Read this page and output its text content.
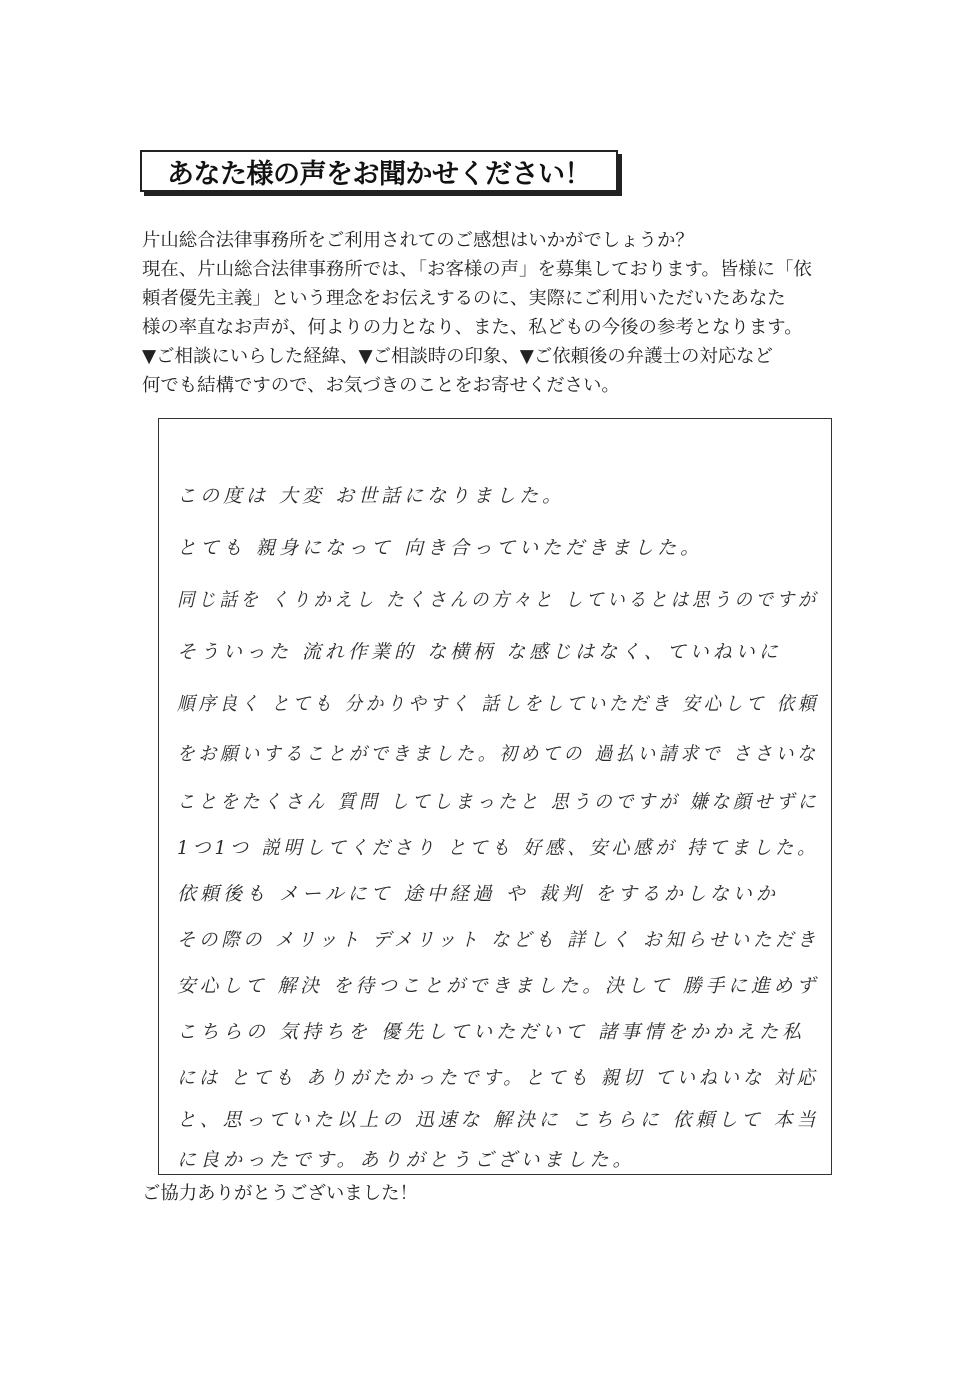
あなた様の声をお聞かせください！
片山総合法律事務所をご利用されてのご感想はいかがでしょうか？
現在、片山総合法律事務所では、「お客様の声」を募集しております。皆様に「依
頼者優先主義」という理念をお伝えするのに、実際にご利用いただいたあなた
様の率直なお声が、何よりの力となり、また、私どもの今後の参考となります。
▼ご相談にいらした経緯、▼ご相談時の印象、▼ご依頼後の弁護士の対応など
何でも結構ですので、お気づきのことをお寄せください。
この度は 大変 お世話になりました。
とても 親身になって 向き合っていただきました。
同じ話を くりかえし たくさんの方々と しているとは思うのですが
そういった 流れ作業的 な横柄 な感じはなく、ていねいに
順序良く とても 分かりやすく 話しをしていただき 安心して 依頼
をお願いすることができました。初めての 過払い請求で ささいな
ことをたくさん 質問 してしまったと 思うのですが 嫌な顔せずに
1つ1つ 説明してくださり とても 好感、安心感が 持てました。
依頼後も メールにて 途中経過 や 裁判 をするかしないか
その際の メリット デメリット なども 詳しく お知らせいただき
安心して 解決 を待つことができました。決して 勝手に進めず
こちらの 気持ちを 優先していただいて 諸事情をかかえた私
には とても ありがたかったです。とても 親切 ていねいな 対応
と、思っていた以上の 迅速な 解決に こちらに 依頼して 本当
に良かったです。ありがとうございました。
ご協力ありがとうございました！
